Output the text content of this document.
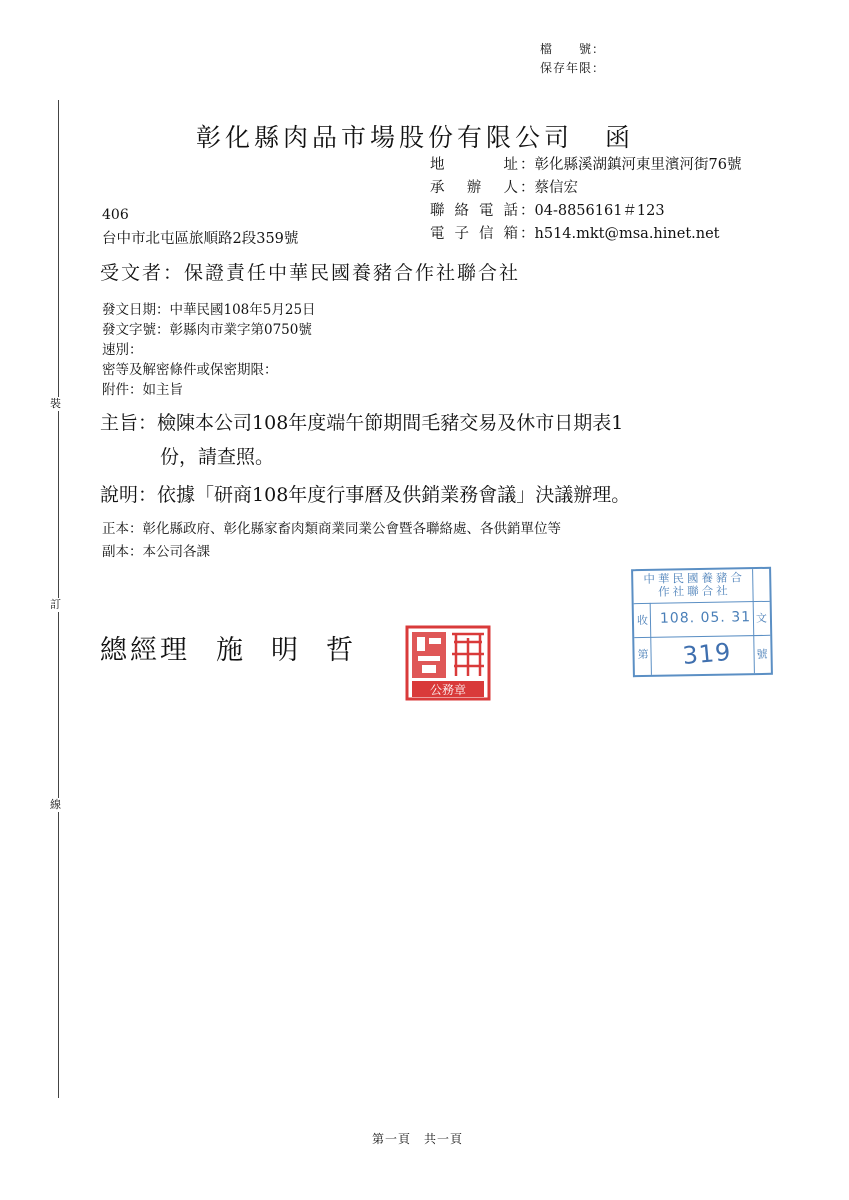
檔　　號：
保存年限：
裝
訂
線
彰化縣肉品市場股份有限公司 函
地　址 ：彰化縣溪湖鎮河東里濱河街76號
承辦人 ：蔡信宏
聯絡電話 ：04-8856161＃123
電子信箱 ：h514.mkt@msa.hinet.net
406
台中市北屯區旅順路2段359號
受文者：保證責任中華民國養豬合作社聯合社
發文日期：中華民國108年5月25日
發文字號：彰縣肉市業字第0750號
速別：
密等及解密條件或保密期限：
附件：如主旨
主旨：檢陳本公司108年度端午節期間毛豬交易及休市日期表1
份，請查照。
說明：依據「研商108年度行事曆及供銷業務會議」決議辦理。
正本：彰化縣政府、彰化縣家畜肉類商業同業公會暨各聯絡處、各供銷單位等
副本：本公司各課
總經理 施明哲
公務章
中華民國養豬合作社聯合社
收	文
108. 05. 31
第 319 號
第一頁　共一頁
